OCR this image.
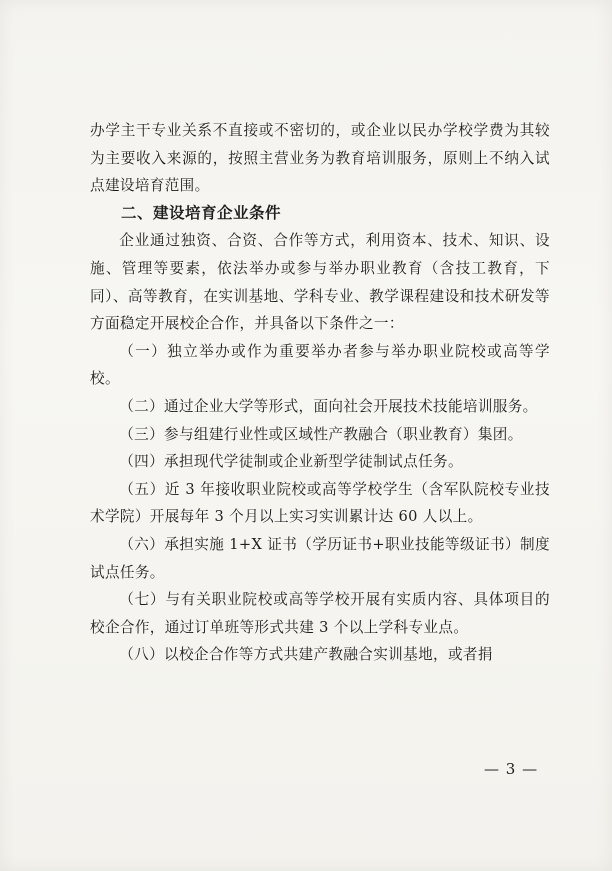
办学主干专业关系不直接或不密切的，或企业以民办学校学费为其较为主要收入来源的，按照主营业务为教育培训服务，原则上不纳入试点建设培育范围。

二、建设培育企业条件

企业通过独资、合资、合作等方式，利用资本、技术、知识、设施、管理等要素，依法举办或参与举办职业教育（含技工教育，下同）、高等教育，在实训基地、学科专业、教学课程建设和技术研发等方面稳定开展校企合作，并具备以下条件之一：

（一）独立举办或作为重要举办者参与举办职业院校或高等学校。

（二）通过企业大学等形式，面向社会开展技术技能培训服务。

（三）参与组建行业性或区域性产教融合（职业教育）集团。

（四）承担现代学徒制或企业新型学徒制试点任务。

（五）近 3 年接收职业院校或高等学校学生（含军队院校专业技术学院）开展每年 3 个月以上实习实训累计达 60 人以上。

（六）承担实施 1+X 证书（学历证书+职业技能等级证书）制度试点任务。

（七）与有关职业院校或高等学校开展有实质内容、具体项目的校企合作，通过订单班等形式共建 3 个以上学科专业点。

（八）以校企合作等方式共建产教融合实训基地，或者捐

— 3 —
